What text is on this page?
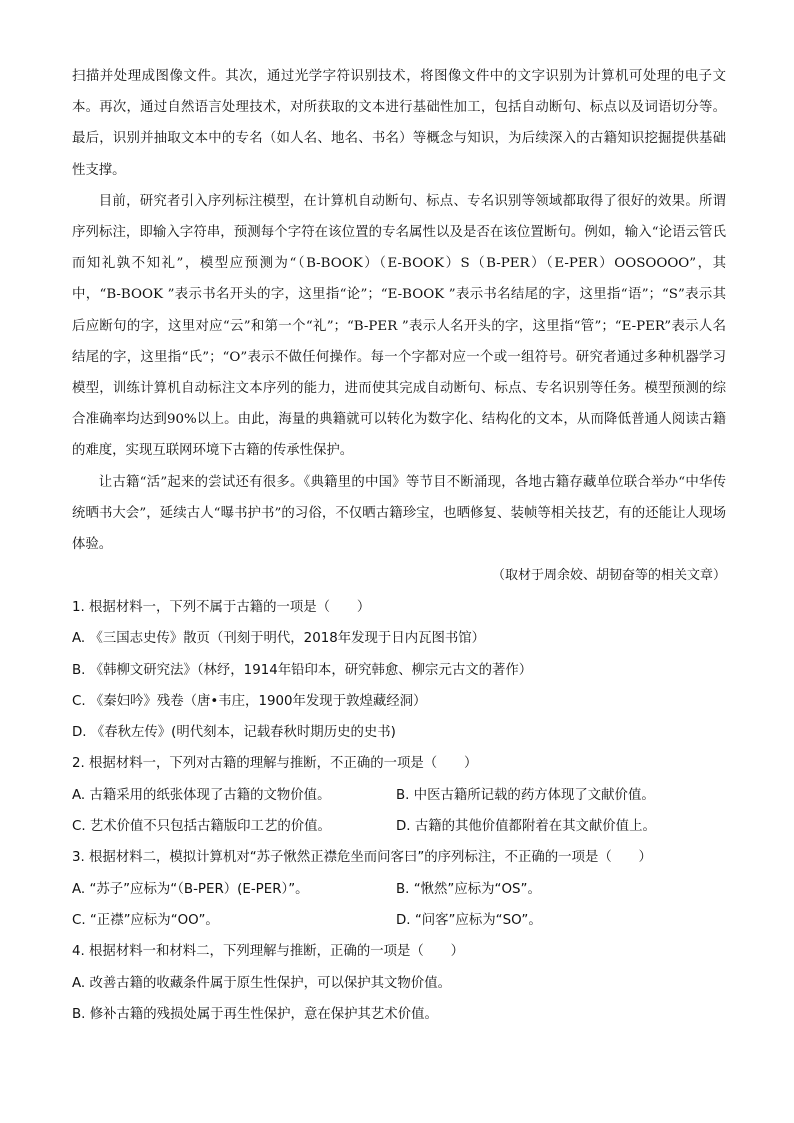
扫描并处理成图像文件。其次，通过光学字符识别技术，将图像文件中的文字识别为计算机可处理的电子文本。再次，通过自然语言处理技术，对所获取的文本进行基础性加工，包括自动断句、标点以及词语切分等。最后，识别并抽取文本中的专名（如人名、地名、书名）等概念与知识，为后续深入的古籍知识挖掘提供基础性支撑。

目前，研究者引入序列标注模型，在计算机自动断句、标点、专名识别等领域都取得了很好的效果。所谓序列标注，即输入字符串，预测每个字符在该位置的专名属性以及是否在该位置断句。例如，输入“论语云管氏而知礼孰不知礼”，模型应预测为“（B-BOOK）（E-BOOK）S（B-PER）（E-PER）OOSOOOO”，其中，“B-BOOK ”表示书名开头的字，这里指“论”；“E-BOOK ”表示书名结尾的字，这里指“语”；“S”表示其后应断句的字，这里对应“云”和第一个“礼”；“B-PER ”表示人名开头的字，这里指“管”；“E-PER”表示人名结尾的字，这里指“氏”；“O”表示不做任何操作。每一个字都对应一个或一组符号。研究者通过多种机器学习模型，训练计算机自动标注文本序列的能力，进而使其完成自动断句、标点、专名识别等任务。模型预测的综合准确率均达到90%以上。由此，海量的典籍就可以转化为数字化、结构化的文本，从而降低普通人阅读古籍的难度，实现互联网环境下古籍的传承性保护。

让古籍“活”起来的尝试还有很多。《典籍里的中国》等节目不断涌现，各地古籍存藏单位联合举办“中华传统晒书大会”，延续古人“曝书护书”的习俗，不仅晒古籍珍宝，也晒修复、装帧等相关技艺，有的还能让人现场体验。

（取材于周余姣、胡韧奋等的相关文章）

1. 根据材料一，下列不属于古籍的一项是（　　）
A. 《三国志史传》散页（刊刻于明代，2018年发现于日内瓦图书馆）
B. 《韩柳文研究法》（林纾，1914年铅印本，研究韩愈、柳宗元古文的著作）
C. 《秦妇吟》残卷（唐•韦庄，1900年发现于敦煌藏经洞）
D. 《春秋左传》(明代刻本，记载春秋时期历史的史书)
2. 根据材料一，下列对古籍的理解与推断，不正确的一项是（　　）
A. 古籍采用的纸张体现了古籍的文物价值。	B. 中医古籍所记载的药方体现了文献价值。
C. 艺术价值不只包括古籍版印工艺的价值。	D. 古籍的其他价值都附着在其文献价值上。
3. 根据材料二，模拟计算机对“苏子愀然正襟危坐而问客曰”的序列标注，不正确的一项是（　　）
A. “苏子”应标为“（B-PER）(E-PER）”。	B. “愀然”应标为“OS”。
C. “正襟”应标为“OO”。	D. “问客”应标为“SO”。
4. 根据材料一和材料二，下列理解与推断，正确的一项是（　　）
A. 改善古籍的收藏条件属于原生性保护，可以保护其文物价值。
B. 修补古籍的残损处属于再生性保护，意在保护其艺术价值。
